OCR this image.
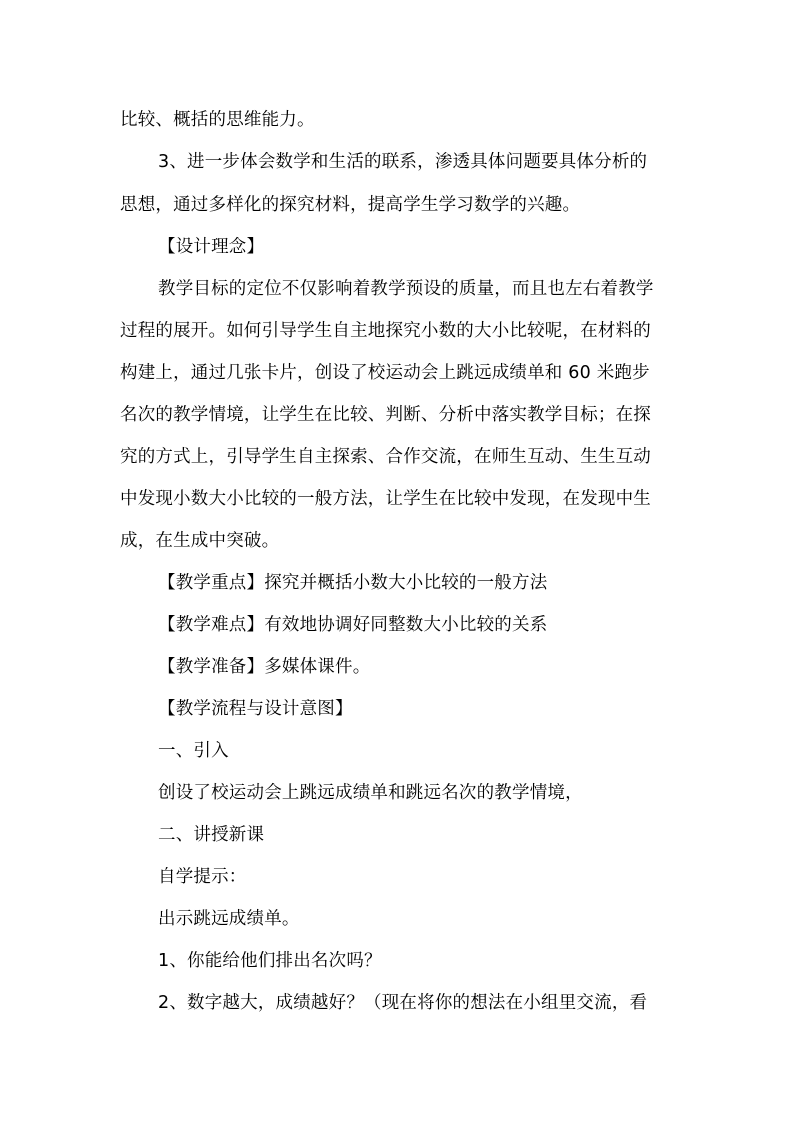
比较、概括的思维能力。
3、进一步体会数学和生活的联系，渗透具体问题要具体分析的
思想，通过多样化的探究材料，提高学生学习数学的兴趣。
【设计理念】
教学目标的定位不仅影响着教学预设的质量，而且也左右着教学
过程的展开。如何引导学生自主地探究小数的大小比较呢，在材料的
构建上，通过几张卡片，创设了校运动会上跳远成绩单和 60 米跑步
名次的教学情境，让学生在比较、判断、分析中落实教学目标；在探
究的方式上，引导学生自主探索、合作交流，在师生互动、生生互动
中发现小数大小比较的一般方法，让学生在比较中发现，在发现中生
成，在生成中突破。
【教学重点】探究并概括小数大小比较的一般方法
【教学难点】有效地协调好同整数大小比较的关系
【教学准备】多媒体课件。
【教学流程与设计意图】
一、引入
创设了校运动会上跳远成绩单和跳远名次的教学情境，
二、讲授新课
自学提示：
出示跳远成绩单。
1、你能给他们排出名次吗？
2、数字越大，成绩越好？（现在将你的想法在小组里交流，看
